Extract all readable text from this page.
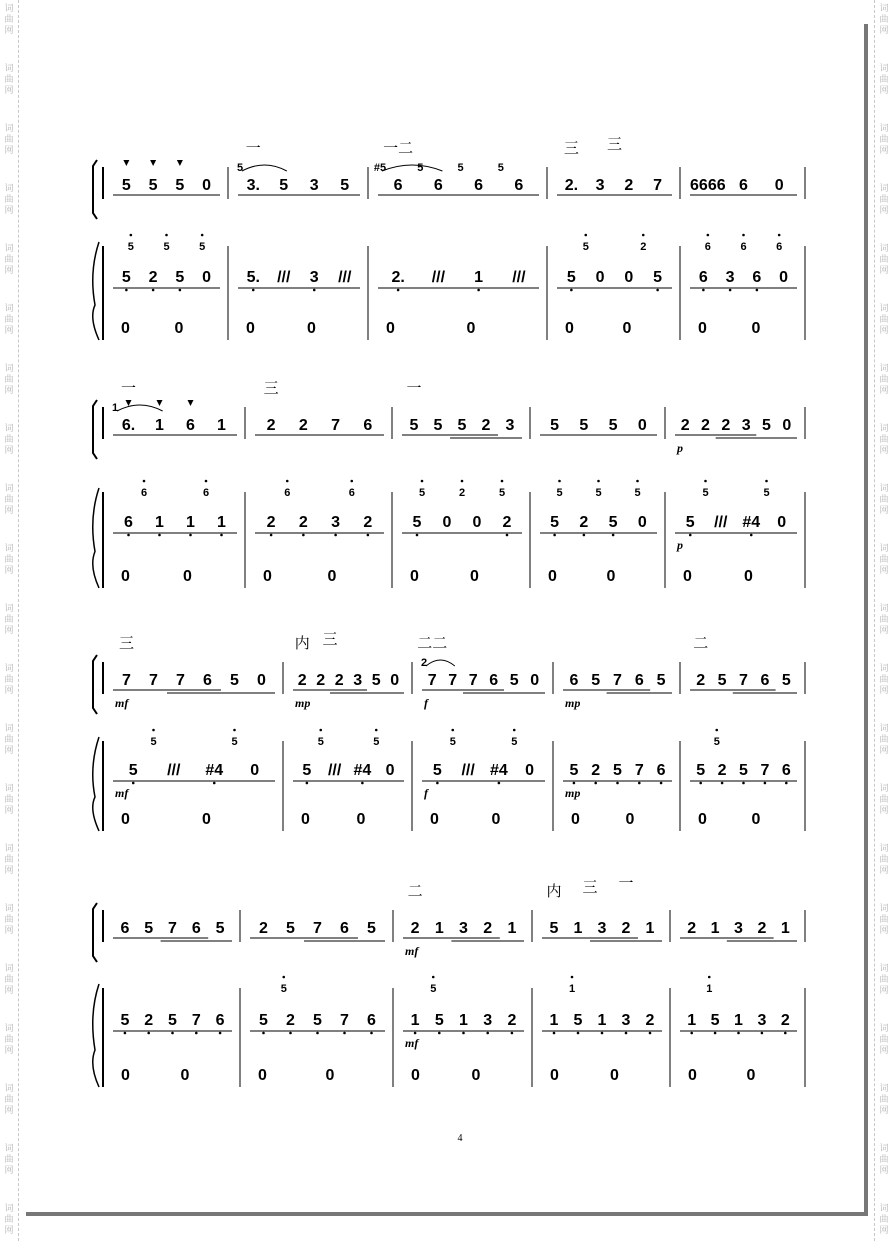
词
曲
网
词
曲
网
词
曲
网
词
曲
网
词
曲
网
词
曲
网
词
曲
网
词
曲
网
词
曲
网
词
曲
网
词
曲
网
词
曲
网
词
曲
网
词
曲
网
词
曲
网
词
曲
网
词
曲
网
词
曲
网
词
曲
网
词
曲
网
词
曲
网
词
曲
网
词
曲
网
词
曲
网
词
曲
网
词
曲
网
词
曲
网
词
曲
网
词
曲
网
词
曲
网
词
曲
网
词
曲
网
词
曲
网
词
曲
网
词
曲
网
词
曲
网
词
曲
网
词
曲
网
词
曲
网
词
曲
网
词
曲
网
词
曲
网
5 5 5 0 3. 5 3 5
5
一
6 6 6 6
#5	5	5	5
一二
2. 3 2 7
三 三
6666 6 0
5	5	5
5 2 5 0
0	0
5. /// 3 ///
0	0
2. /// 1 ///
0	0
5	2
5 0 0 5
0	0
6	6	6
6 3 6 0
0	0
6. 1 6 1
1
一
2 2 7 6
三
5 5 5 2 3
一
5 5 5 0 2 2 2 3 5 0
p
6	6
6 1 1 1
0	0
6	6
2 2 3 2
0	0
5	2	5
5 0 0 2
0	0
5	5	5
5 2 5 0
0	0
5	5
5 /// #4 0
0	0
p
7 7 7 6 5 0
三
mf
2 2 2 3 5 0
内 三
mp
7 7 7 6 5 0
2
二二
f
6 5 7 6 5
mp
2 5 7 6 5
二
5	5
5 /// #4 0
0	0
mf
5	5
5 /// #4 0
0	0
5	5
5 /// #4 0
0	0
f
5 2 5 7 6
0	0
mp
5
5 2 5 7 6
0	0
6 5 7 6 5 2 5 7 6 5 2 1 3 2 1
二
mf
5 1 3 2 1
内 三 一
2 1 3 2 1
5 2 5 7 6
0	0
5
5 2 5 7 6
0	0
5
1 5 1 3 2
0	0
mf
1
1 5 1 3 2
0	0
1
1 5 1 3 2
0	0
4
